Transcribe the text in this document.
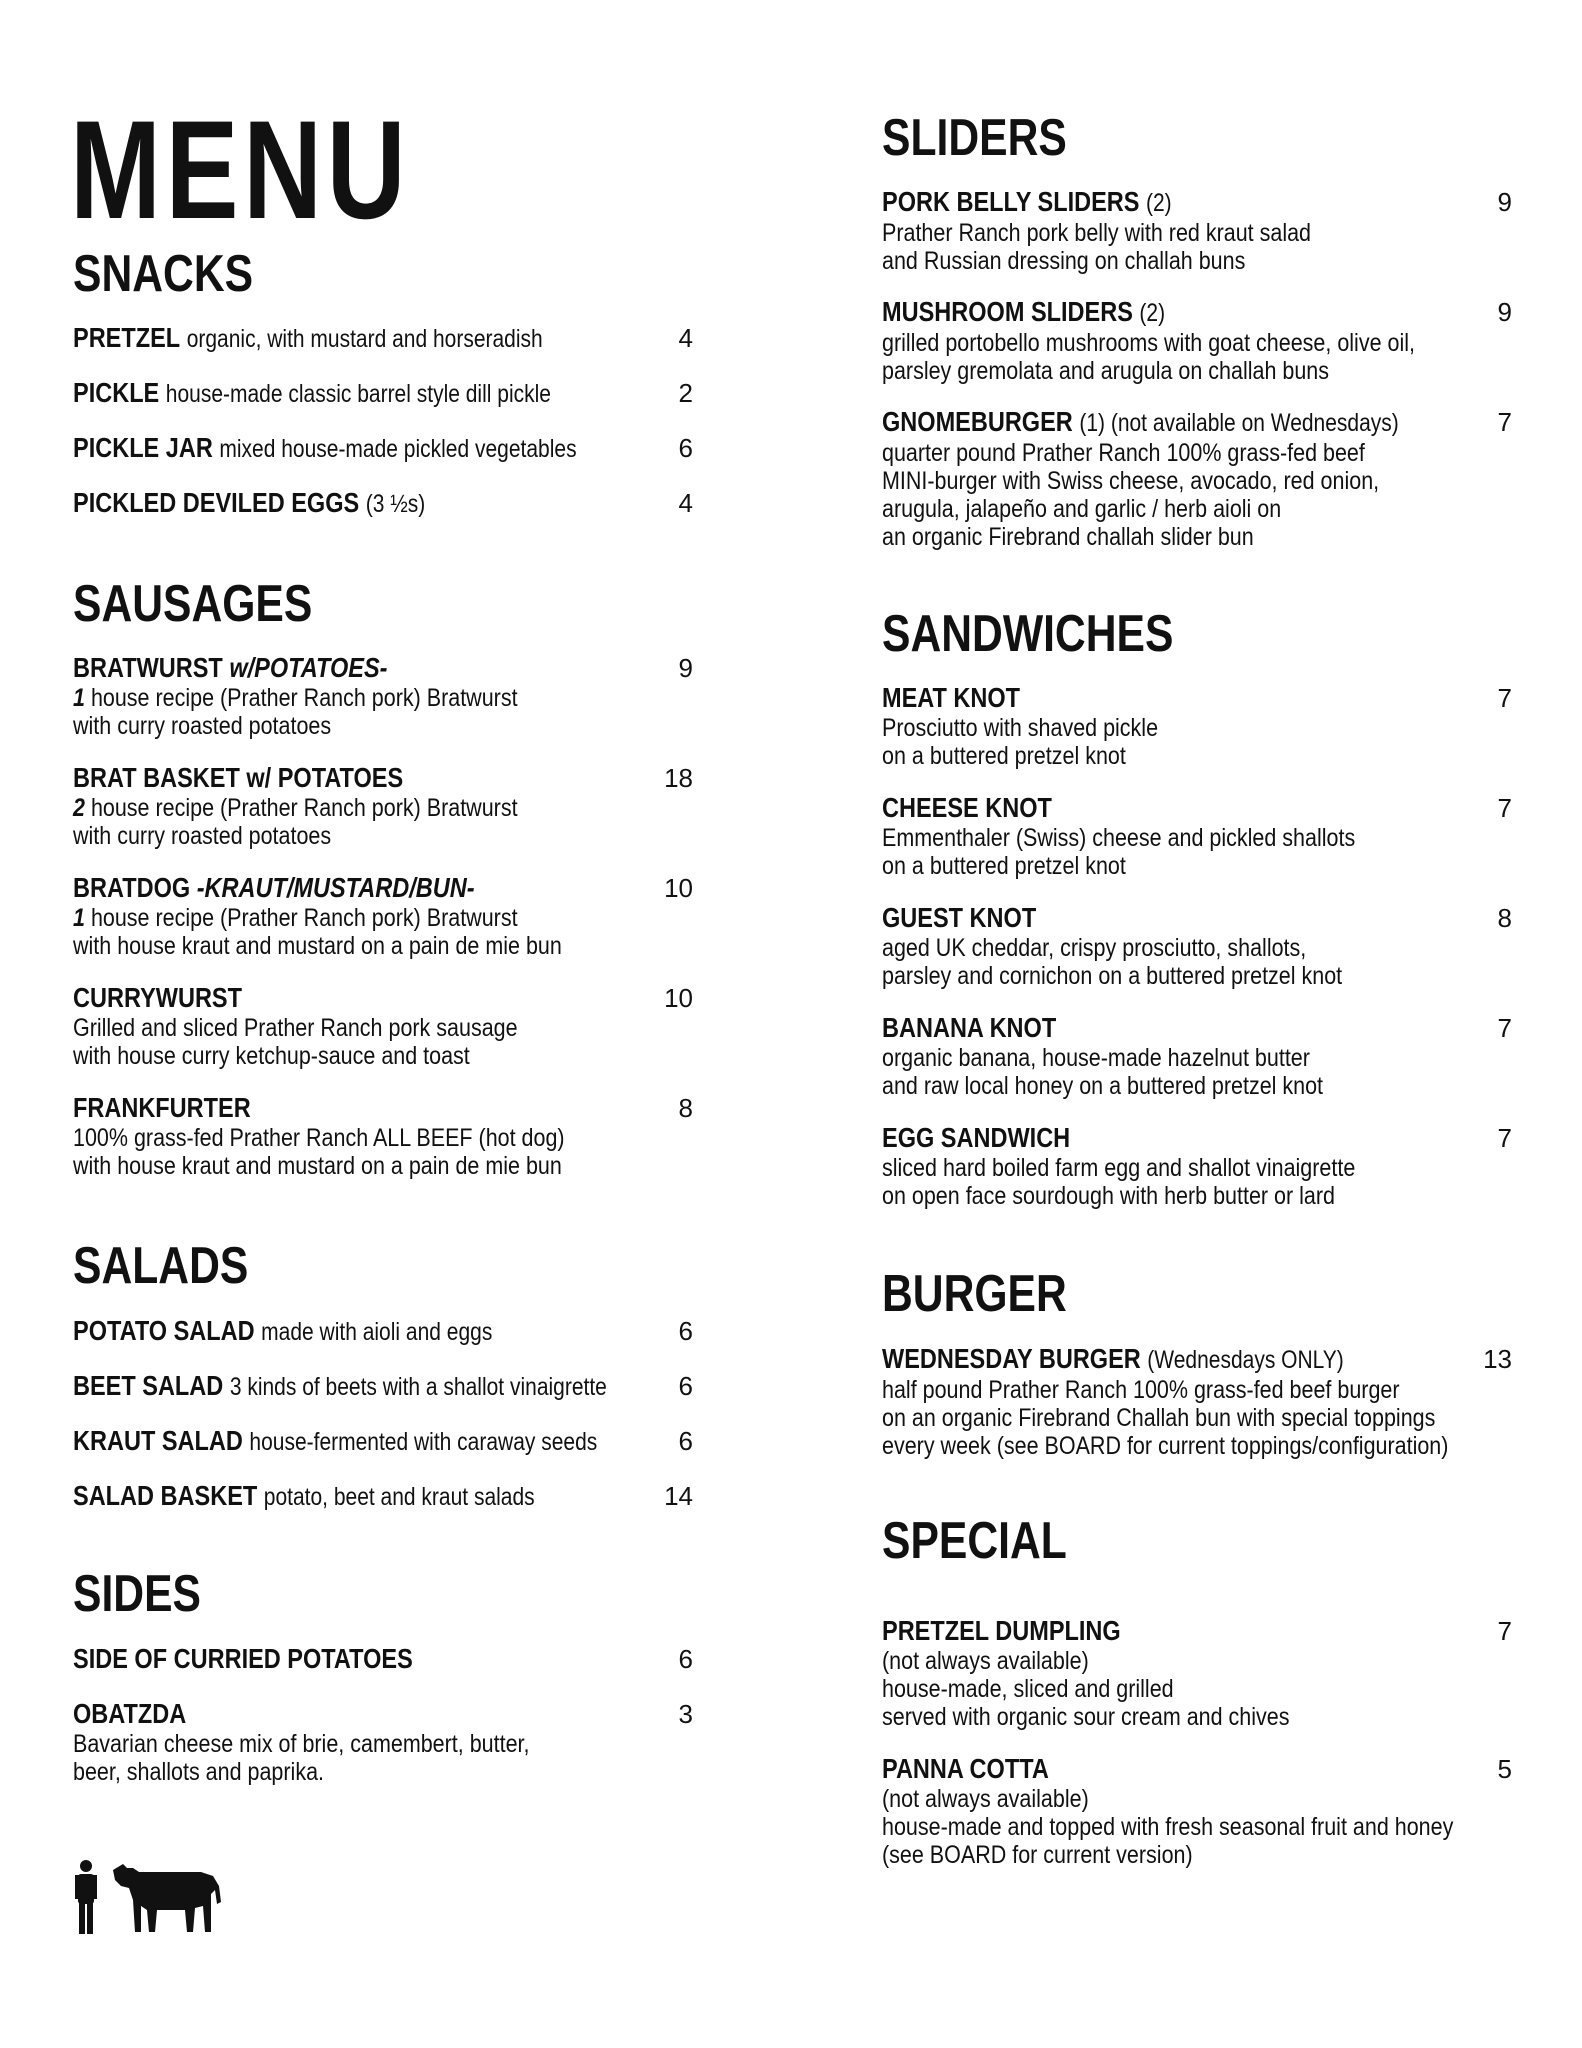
MENU
SNACKS
PRETZEL organic, with mustard and horseradish	4
PICKLE house-made classic barrel style dill pickle	2
PICKLE JAR mixed house-made pickled vegetables	6
PICKLED DEVILED EGGS (3 ½s)	4
SAUSAGES
BRATWURST w/POTATOES-	9
1 house recipe (Prather Ranch pork) Bratwurst
with curry roasted potatoes
BRAT BASKET w/ POTATOES	18
2 house recipe (Prather Ranch pork) Bratwurst
with curry roasted potatoes
BRATDOG -KRAUT/MUSTARD/BUN-	10
1 house recipe (Prather Ranch pork) Bratwurst
with house kraut and mustard on a pain de mie bun
CURRYWURST	10
Grilled and sliced Prather Ranch pork sausage
with house curry ketchup-sauce and toast
FRANKFURTER	8
100% grass-fed Prather Ranch ALL BEEF (hot dog)
with house kraut and mustard on a pain de mie bun
SALADS
POTATO SALAD made with aioli and eggs	6
BEET SALAD 3 kinds of beets with a shallot vinaigrette	6
KRAUT SALAD house-fermented with caraway seeds	6
SALAD BASKET potato, beet and kraut salads	14
SIDES
SIDE OF CURRIED POTATOES	6
OBATZDA	3
Bavarian cheese mix of brie, camembert, butter,
beer, shallots and paprika.
SLIDERS
PORK BELLY SLIDERS (2)	9
Prather Ranch pork belly with red kraut salad
and Russian dressing on challah buns
MUSHROOM SLIDERS (2)	9
grilled portobello mushrooms with goat cheese, olive oil,
parsley gremolata and arugula on challah buns
GNOMEBURGER (1) (not available on Wednesdays)	7
quarter pound Prather Ranch 100% grass-fed beef
MINI-burger with Swiss cheese, avocado, red onion,
arugula, jalapeño and garlic / herb aioli on
an organic Firebrand challah slider bun
SANDWICHES
MEAT KNOT	7
Prosciutto with shaved pickle
on a buttered pretzel knot
CHEESE KNOT	7
Emmenthaler (Swiss) cheese and pickled shallots
on a buttered pretzel knot
GUEST KNOT	8
aged UK cheddar, crispy prosciutto, shallots,
parsley and cornichon on a buttered pretzel knot
BANANA KNOT	7
organic banana, house-made hazelnut butter
and raw local honey on a buttered pretzel knot
EGG SANDWICH	7
sliced hard boiled farm egg and shallot vinaigrette
on open face sourdough with herb butter or lard
BURGER
WEDNESDAY BURGER (Wednesdays ONLY)	13
half pound Prather Ranch 100% grass-fed beef burger
on an organic Firebrand Challah bun with special toppings
every week (see BOARD for current toppings/configuration)
SPECIAL
PRETZEL DUMPLING	7
(not always available)
house-made, sliced and grilled
served with organic sour cream and chives
PANNA COTTA	5
(not always available)
house-made and topped with fresh seasonal fruit and honey
(see BOARD for current version)
